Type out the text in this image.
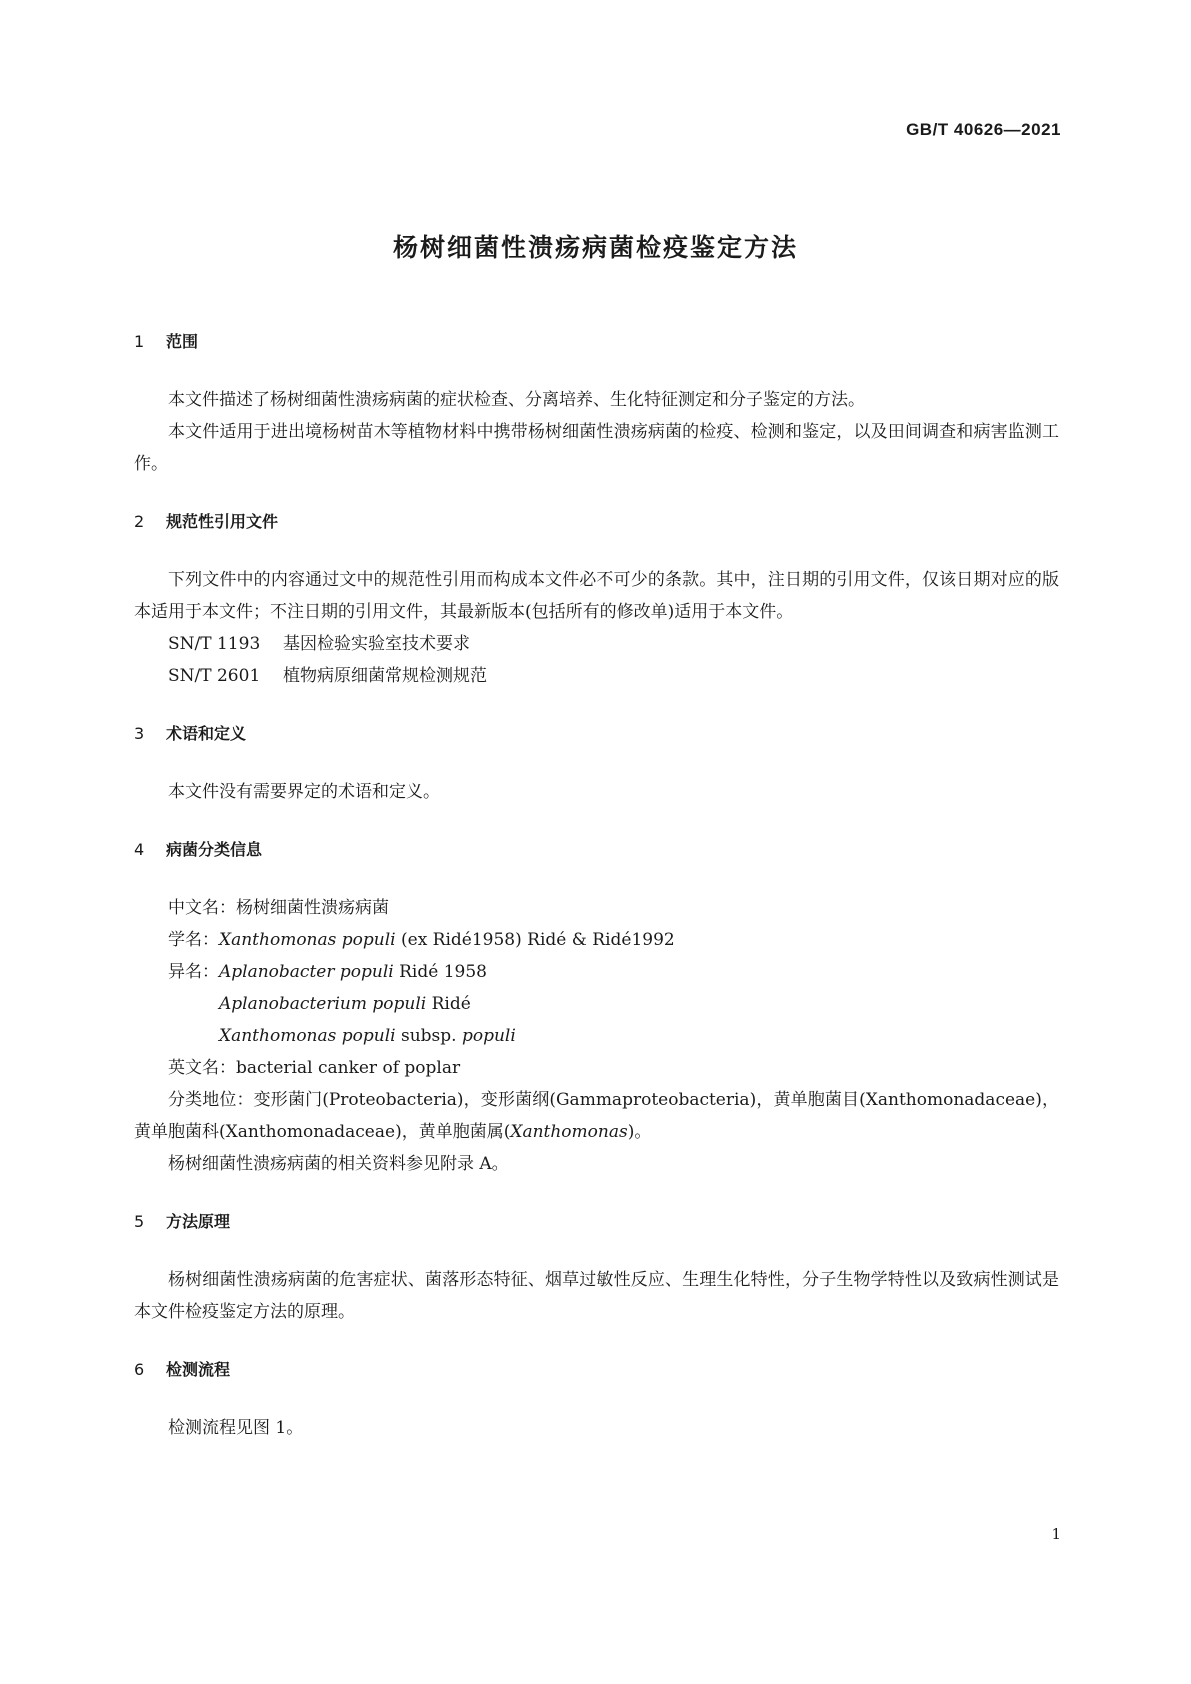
GB/T 40626—2021
杨树细菌性溃疡病菌检疫鉴定方法
1 范围
本文件描述了杨树细菌性溃疡病菌的症状检查、分离培养、生化特征测定和分子鉴定的方法。
本文件适用于进出境杨树苗木等植物材料中携带杨树细菌性溃疡病菌的检疫、检测和鉴定，以及田间调查和病害监测工作。
2 规范性引用文件
下列文件中的内容通过文中的规范性引用而构成本文件必不可少的条款。其中，注日期的引用文件，仅该日期对应的版本适用于本文件；不注日期的引用文件，其最新版本(包括所有的修改单)适用于本文件。
SN/T 1193 基因检验实验室技术要求
SN/T 2601 植物病原细菌常规检测规范
3 术语和定义
本文件没有需要界定的术语和定义。
4 病菌分类信息
中文名：杨树细菌性溃疡病菌
学名：Xanthomonas populi (ex Ridé1958) Ridé & Ridé1992
异名：Aplanobacter populi Ridé 1958
Aplanobacterium populi Ridé
Xanthomonas populi subsp. populi
英文名：bacterial canker of poplar
分类地位：变形菌门(Proteobacteria)，变形菌纲(Gammaproteobacteria)，黄单胞菌目(Xanthomonadaceae)，黄单胞菌科(Xanthomonadaceae)，黄单胞菌属(Xanthomonas)。
杨树细菌性溃疡病菌的相关资料参见附录 A。
5 方法原理
杨树细菌性溃疡病菌的危害症状、菌落形态特征、烟草过敏性反应、生理生化特性，分子生物学特性以及致病性测试是本文件检疫鉴定方法的原理。
6 检测流程
检测流程见图 1。
1
